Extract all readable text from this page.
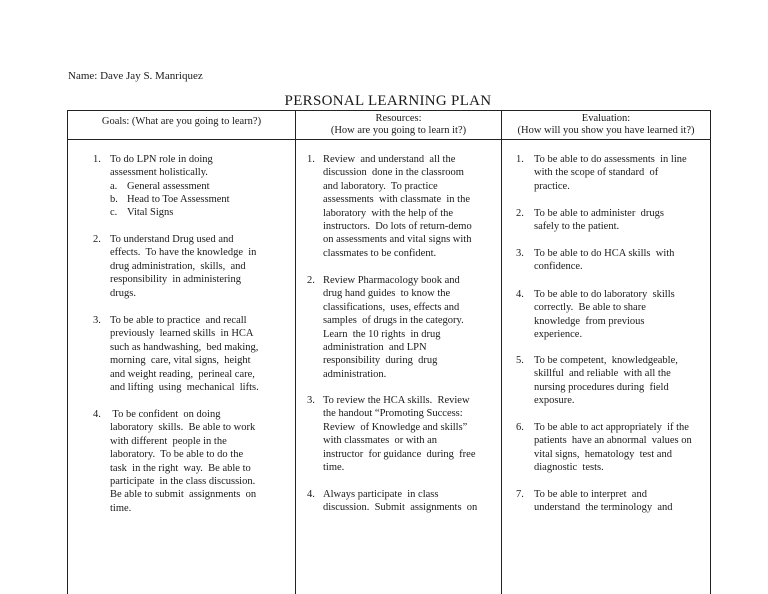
Name: Dave Jay S. Manriquez
PERSONAL LEARNING PLAN
Goals: (What are you going to learn?)
1. To do LPN role in doing
assessment holistically.
a. General assessment
b. Head to Toe Assessment
c. Vital Signs
2. To understand Drug used and
effects.  To have the knowledge  in
drug administration,  skills,  and
responsibility  in administering
drugs.
3. To be able to practice  and recall
previously  learned skills  in HCA
such as handwashing,  bed making,
morning  care, vital signs,  height
and weight reading,  perineal care,
and lifting  using  mechanical  lifts.
4. To be confident  on doing
laboratory  skills.  Be able to work
with different  people in the
laboratory.  To be able to do the
task  in the right  way.  Be able to
participate  in the class discussion.
Be able to submit  assignments  on
time.
Resources:
(How are you going to learn it?)
1. Review  and understand  all the
discussion  done in the classroom
and laboratory.  To practice
assessments  with classmate  in the
laboratory  with the help of the
instructors.  Do lots of return-demo
on assessments and vital signs with
classmates to be confident.
2. Review Pharmacology book and
drug hand guides  to know the
classifications,  uses, effects and
samples  of drugs in the category.
Learn  the 10 rights  in drug
administration  and LPN
responsibility  during  drug
administration.
3. To review the HCA skills.  Review
the handout “Promoting Success:
Review  of Knowledge and skills”
with classmates  or with an
instructor  for guidance  during  free
time.
4. Always participate  in class
discussion.  Submit  assignments  on
Evaluation:
(How will you show you have learned it?)
1. To be able to do assessments  in line
with the scope of standard  of
practice.
2. To be able to administer  drugs
safely to the patient.
3. To be able to do HCA skills  with
confidence.
4. To be able to do laboratory  skills
correctly.  Be able to share
knowledge  from previous
experience.
5. To be competent,  knowledgeable,
skillful  and reliable  with all the
nursing procedures during  field
exposure.
6. To be able to act appropriately  if the
patients  have an abnormal  values on
vital signs,  hematology  test and
diagnostic  tests.
7. To be able to interpret  and
understand  the terminology  and
